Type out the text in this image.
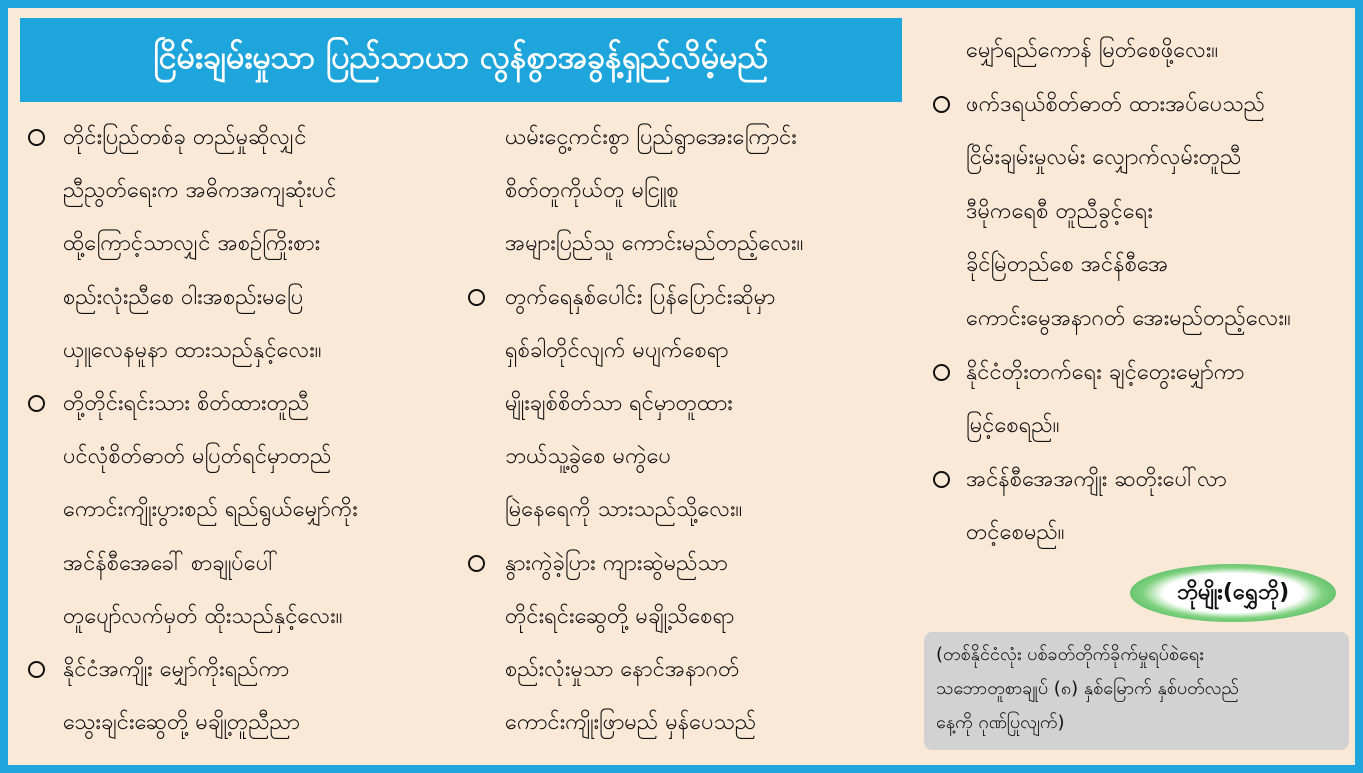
ငြိမ်းချမ်းမှုသာ ပြည်သာယာ လွန်စွာအခွန့်ရှည်လိမ့်မည်
တိုင်းပြည်တစ်ခု တည်မှုဆိုလျှင်
ညီညွတ်ရေးက အဓိကအကျဆုံးပင်
ထို့ကြောင့်သာလျှင် အစဉ်ကြိုးစား
စည်းလုံးညီစေ ဝါးအစည်းမပြေ
ယှူလေနမူနာ ထားသည်နှင့်လေး။
တို့တိုင်းရင်းသား စိတ်ထားတူညီ
ပင်လုံစိတ်ဓာတ် မပြတ်ရင်မှာတည်
ကောင်းကျိုးပွားစည် ရည်ရွယ်မျှော်ကိုး
အင်န်စီအေခေါ် စာချုပ်ပေါ်
တူပျော်လက်မှတ် ထိုးသည်နှင့်လေး။
နိုင်ငံအကျိုး မျှော်ကိုးရည်ကာ
သွေးချင်းဆွေတို့ မချို့တူညီညာ
ယမ်းငွေ့ကင်းစွာ ပြည်ရွာအေးကြောင်း
စိတ်တူကိုယ်တူ မငြူစူ
အများပြည်သူ ကောင်းမည်တည့်လေး။
တွက်ရေနှစ်ပေါင်း ပြန်ပြောင်းဆိုမှာ
ရှစ်ခါတိုင်လျက် မပျက်စေရာ
မျိုးချစ်စိတ်သာ ရင်မှာတူထား
ဘယ်သူ့ခွဲစေ မကွဲပေ
မြဲနေရေကို သားသည်သို့လေး။
နွားကွဲခဲ့ပြား ကျားဆွဲမည်သာ
တိုင်းရင်းဆွေတို့ မချို့သိစေရာ
စည်းလုံးမှုသာ နောင်အနာဂတ်
ကောင်းကျိုးဖြာမည် မှန်ပေသည်
မျှော်ရည်ကောန် မြတ်စေဖို့လေး။
ဖက်ဒရယ်စိတ်ဓာတ် ထားအပ်ပေသည်
ငြိမ်းချမ်းမှုလမ်း လျှောက်လှမ်းတူညီ
ဒီမိုကရေစီ တူညီခွင့်ရေး
ခိုင်မြဲတည်စေ အင်န်စီအေ
ကောင်းမွေအနာဂတ် အေးမည်တည့်လေး။
နိုင်ငံတိုးတက်ရေး ချင့်တွေးမျှော်ကာ
မြင့်စေရည်။
အင်န်စီအေအကျိုး ဆတိုးပေါ်လာ
တင့်စေမည်။
ဘိုမျိုး(ရွှေဘို)
(တစ်နိုင်ငံလုံး ပစ်ခတ်တိုက်ခိုက်မှုရပ်စဲရေး
သဘောတူစာချုပ် (၈) နှစ်မြောက် နှစ်ပတ်လည်
နေ့ကို ဂုဏ်ပြုလျက်)
